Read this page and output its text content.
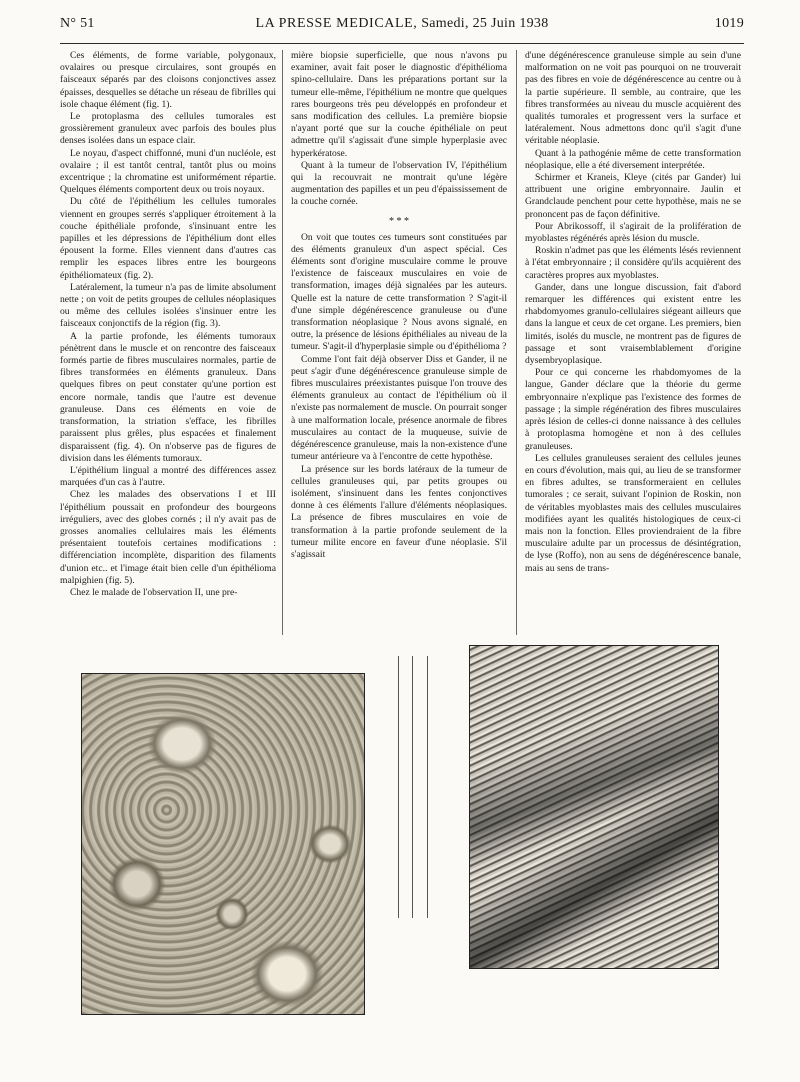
N° 51	LA PRESSE MEDICALE, Samedi, 25 Juin 1938	1019

Ces éléments, de forme variable, polygonaux, ovalaires ou presque circulaires, sont groupés en faisceaux séparés par des cloisons conjonctives assez épaisses, desquelles se détache un réseau de fibrilles qui isole chaque élément (fig. 1).

Le protoplasma des cellules tumorales est grossièrement granuleux avec parfois des boules plus denses isolées dans un espace clair.

Le noyau, d'aspect chiffonné, muni d'un nucléole, est ovalaire ; il est tantôt central, tantôt plus ou moins excentrique ; la chromatine est uniformément répartie. Quelques éléments comportent deux ou trois noyaux.

Du côté de l'épithélium les cellules tumorales viennent en groupes serrés s'appliquer étroitement à la couche épithéliale profonde, s'insinuant entre les papilles et les dépressions de l'épithélium dont elles épousent la forme. Elles viennent dans d'autres cas remplir les espaces libres entre les bourgeons épithéliomateux (fig. 2).

Latéralement, la tumeur n'a pas de limite absolument nette ; on voit de petits groupes de cellules néoplasiques ou même des cellules isolées s'insinuer entre les faisceaux conjonctifs de la région (fig. 3).

A la partie profonde, les éléments tumoraux pénètrent dans le muscle et on rencontre des faisceaux formés partie de fibres musculaires normales, partie de fibres transformées en éléments granuleux. Dans quelques fibres on peut constater qu'une portion est encore normale, tandis que l'autre est devenue granuleuse. Dans ces éléments en voie de transformation, la striation s'efface, les fibrilles paraissent plus grêles, plus espacées et finalement disparaissent (fig. 4). On n'observe pas de figures de division dans les éléments tumoraux.

L'épithélium lingual a montré des différences assez marquées d'un cas à l'autre.

Chez les malades des observations I et III l'épithélium poussait en profondeur des bourgeons irréguliers, avec des globes cornés ; il n'y avait pas de grosses anomalies cellulaires mais les éléments présentaient toutefois certaines modifications : différenciation incomplète, disparition des filaments d'union etc.. et l'image était bien celle d'un épithélioma malpighien (fig. 5).

Chez le malade de l'observation II, une pre-

mière biopsie superficielle, que nous n'avons pu examiner, avait fait poser le diagnostic d'épithélioma spino-cellulaire. Dans les préparations portant sur la tumeur elle-même, l'épithélium ne montre que quelques rares bourgeons très peu développés en profondeur et sans modification des cellules. La première biopsie n'ayant porté que sur la couche épithéliale on peut admettre qu'il s'agissait d'une simple hyperplasie avec hyperkératose.

Quant à la tumeur de l'observation IV, l'épithélium qui la recouvrait ne montrait qu'une légère augmentation des papilles et un peu d'épaississement de la couche cornée.

* * *

On voit que toutes ces tumeurs sont constituées par des éléments granuleux d'un aspect spécial. Ces éléments sont d'origine musculaire comme le prouve l'existence de faisceaux musculaires en voie de transformation, images déjà signalées par les auteurs. Quelle est la nature de cette transformation ? S'agit-il d'une simple dégénérescence granuleuse ou d'une transformation néoplasique ? Nous avons signalé, en outre, la présence de lésions épithéliales au niveau de la tumeur. S'agit-il d'hyperplasie simple ou d'épithélioma ?

Comme l'ont fait déjà observer Diss et Gander, il ne peut s'agir d'une dégénérescence granuleuse simple de fibres musculaires préexistantes puisque l'on trouve des éléments granuleux au contact de l'épithélium où il n'existe pas normalement de muscle. On pourrait songer à une malformation locale, présence anormale de fibres musculaires au contact de la muqueuse, suivie de dégénérescence granuleuse, mais la non-existence d'une tumeur antérieure va à l'encontre de cette hypothèse.

La présence sur les bords latéraux de la tumeur de cellules granuleuses qui, par petits groupes ou isolément, s'insinuent dans les fentes conjonctives donne à ces éléments l'allure d'éléments néoplasiques. La présence de fibres musculaires en voie de transformation à la partie profonde seulement de la tumeur milite encore en faveur d'une néoplasie. S'il s'agissait

d'une dégénérescence granuleuse simple au sein d'une malformation on ne voit pas pourquoi on ne trouverait pas des fibres en voie de dégénérescence au centre ou à la partie supérieure. Il semble, au contraire, que les fibres transformées au niveau du muscle acquièrent des qualités tumorales et progressent vers la surface et latéralement. Nous admettons donc qu'il s'agit d'une véritable néoplasie.

Quant à la pathogénie même de cette transformation néoplasique, elle a été diversement interprétée.

Schirmer et Kraneis, Kleye (cités par Gander) lui attribuent une origine embryonnaire. Jaulin et Grandclaude penchent pour cette hypothèse, mais ne se prononcent pas de façon définitive.

Pour Abrikossoff, il s'agirait de la prolifération de myoblastes régénérés après lésion du muscle.

Roskin n'admet pas que les éléments lésés reviennent à l'état embryonnaire ; il considère qu'ils acquièrent des caractères propres aux myoblastes.

Gander, dans une longue discussion, fait d'abord remarquer les différences qui existent entre les rhabdomyomes granulo-cellulaires siégeant ailleurs que dans la langue et ceux de cet organe. Les premiers, bien limités, isolés du muscle, ne montrent pas de figures de passage et sont vraisemblablement d'origine dysembryoplasique.

Pour ce qui concerne les rhabdomyomes de la langue, Gander déclare que la théorie du germe embryonnaire n'explique pas l'existence des formes de passage ; la simple régénération des fibres musculaires après lésion de celles-ci donne naissance à des cellules à protoplasma homogène et non à des cellules granuleuses.

Les cellules granuleuses seraient des cellules jeunes en cours d'évolution, mais qui, au lieu de se transformer en fibres adultes, se transformeraient en cellules tumorales ; ce serait, suivant l'opinion de Roskin, non de véritables myoblastes mais des cellules musculaires modifiées ayant les qualités histologiques de ceux-ci mais non la fonction. Elles proviendraient de la fibre musculaire adulte par un processus de désintégration, de lyse (Roffo), non au sens de dégénérescence banale, mais au sens de trans-
